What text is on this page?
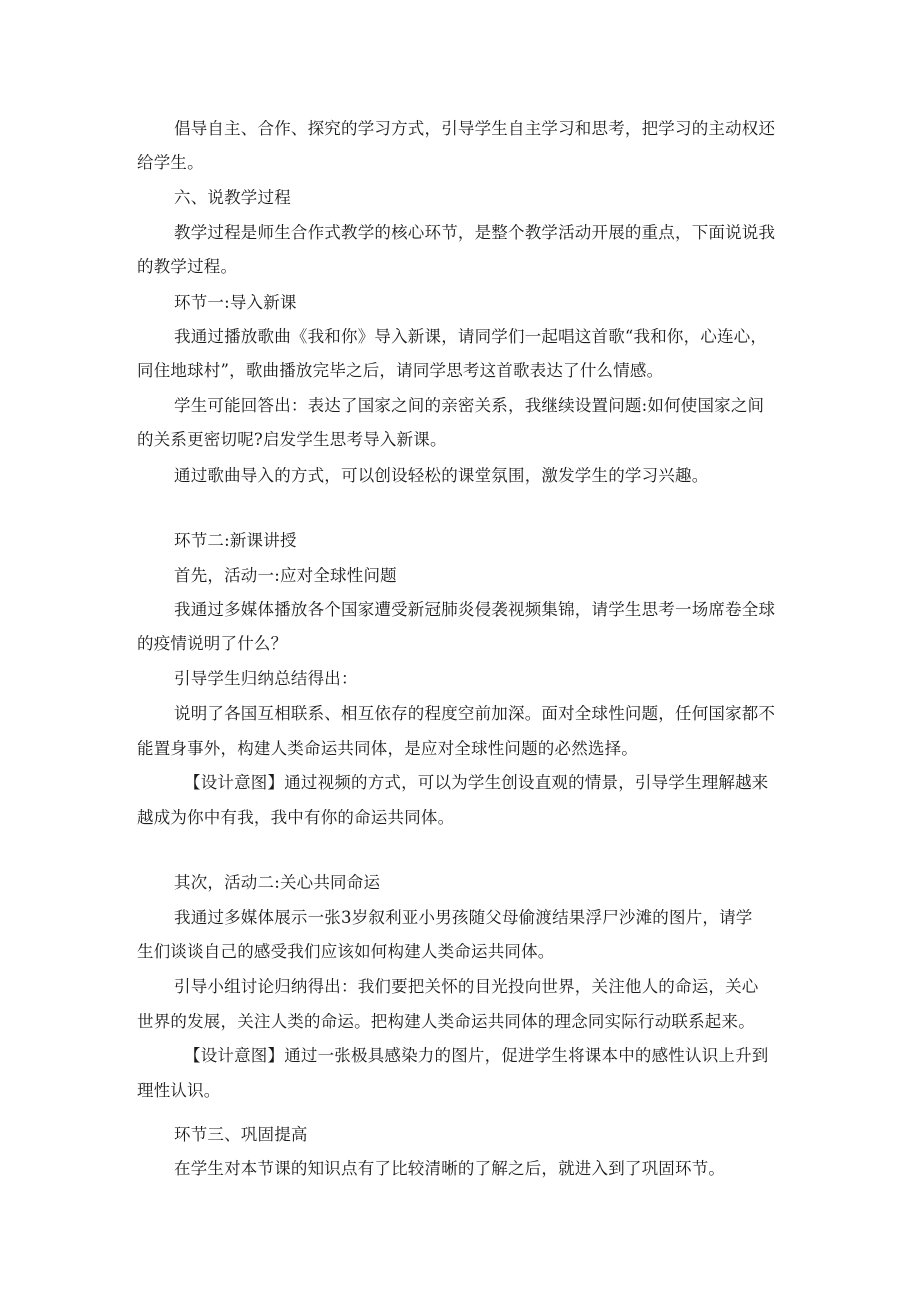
倡导自主、合作、探究的学习方式，引导学生自主学习和思考，把学习的主动权还

给学生。

六、说教学过程

教学过程是师生合作式教学的核心环节，是整个教学活动开展的重点，下面说说我

的教学过程。

环节一:导入新课

我通过播放歌曲《我和你》导入新课，请同学们一起唱这首歌“我和你，心连心，

同住地球村”，歌曲播放完毕之后，请同学思考这首歌表达了什么情感。

学生可能回答出：表达了国家之间的亲密关系，我继续设置问题:如何使国家之间

的关系更密切呢?启发学生思考导入新课。

通过歌曲导入的方式，可以创设轻松的课堂氛围，激发学生的学习兴趣。

环节二:新课讲授

首先，活动一:应对全球性问题

我通过多媒体播放各个国家遭受新冠肺炎侵袭视频集锦，请学生思考一场席卷全球

的疫情说明了什么？

引导学生归纳总结得出：

说明了各国互相联系、相互依存的程度空前加深。面对全球性问题，任何国家都不

能置身事外，构建人类命运共同体，是应对全球性问题的必然选择。

【设计意图】通过视频的方式，可以为学生创设直观的情景，引导学生理解越来

越成为你中有我，我中有你的命运共同体。

其次，活动二:关心共同命运

我通过多媒体展示一张3岁叙利亚小男孩随父母偷渡结果浮尸沙滩的图片，请学

生们谈谈自己的感受我们应该如何构建人类命运共同体。

引导小组讨论归纳得出：我们要把关怀的目光投向世界，关注他人的命运，关心

世界的发展，关注人类的命运。把构建人类命运共同体的理念同实际行动联系起来。

【设计意图】通过一张极具感染力的图片，促进学生将课本中的感性认识上升到

理性认识。

环节三、巩固提高

在学生对本节课的知识点有了比较清晰的了解之后，就进入到了巩固环节。
